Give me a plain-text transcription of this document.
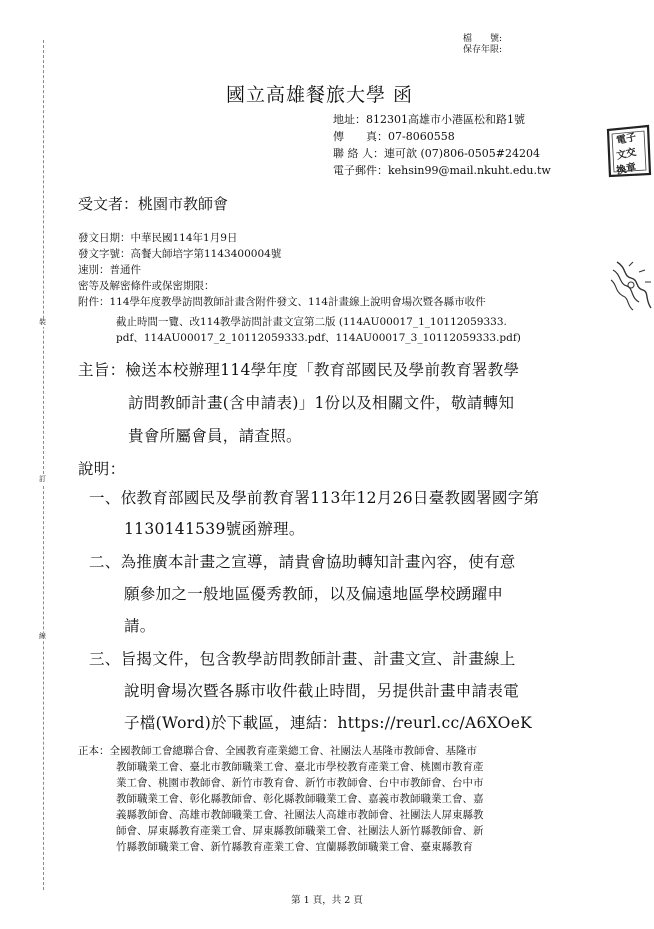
裝
訂
線
檔　　號:
保存年限:
國立高雄餐旅大學 函
地址：812301高雄市小港區松和路1號
傳　　真：07-8060558
聯 絡 人：連可歆 (07)806-0505#24204
電子郵件：kehsin99@mail.nkuht.edu.tw
電子
文交
換章
受文者：桃園市教師會
發文日期：中華民國114年1月9日
發文字號：高餐大師培字第1143400004號
速別：普通件
密等及解密條件或保密期限：
附件：114學年度教學訪問教師計畫含附件發文、114計畫線上說明會場次暨各縣市收件
截止時間一覽、改114教學訪問計畫文宣第二版 (114AU00017_1_10112059333.
pdf、114AU00017_2_10112059333.pdf、114AU00017_3_10112059333.pdf)
主旨：檢送本校辦理114學年度「教育部國民及學前教育署教學
訪問教師計畫(含申請表)」1份以及相關文件，敬請轉知
貴會所屬會員，請查照。
說明：
一、依教育部國民及學前教育署113年12月26日臺教國署國字第
1130141539號函辦理。
二、為推廣本計畫之宣導，請貴會協助轉知計畫內容，使有意
願參加之一般地區優秀教師，以及偏遠地區學校踴躍申
請。
三、旨揭文件，包含教學訪問教師計畫、計畫文宣、計畫線上
說明會場次暨各縣市收件截止時間，另提供計畫申請表電
子檔(Word)於下載區，連結：https://reurl.cc/A6XOeK
正本：全國教師工會總聯合會、全國教育產業總工會、社團法人基隆市教師會、基隆市
教師職業工會、臺北市教師職業工會、臺北市學校教育產業工會、桃園市教育產
業工會、桃園市教師會、新竹市教育會、新竹市教師會、台中市教師會、台中市
教師職業工會、彰化縣教師會、彰化縣教師職業工會、嘉義市教師職業工會、嘉
義縣教師會、高雄市教師職業工會、社團法人高雄市教師會、社團法人屏東縣教
師會、屏東縣教育產業工會、屏東縣教師職業工會、社團法人新竹縣教師會、新
竹縣教師職業工會、新竹縣教育產業工會、宜蘭縣教師職業工會、臺東縣教育
第 1 頁，共 2 頁
